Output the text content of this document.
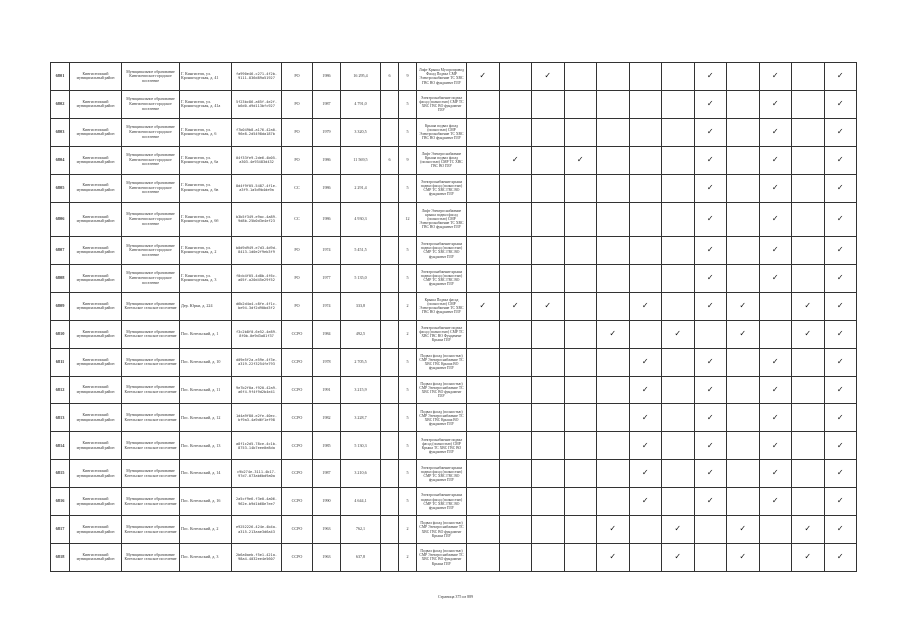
6801	Кингисеппский муниципальный район	Муниципальное образование Кингисеппское городское поселение	Г. Кингисепп, ул. Кронштадтская, д. 41	fa990e46-c271-4f2b-9111-836d89a51927	PO	1986	16 295,4	6	9	Лифт Крыша Мусоропровод Фасад Подвал СМР Электроснабжение ТС ХВС ГВС ВО фундамент ПЗУ	✓		✓					✓		✓		✓
6802	Кингисеппский муниципальный район	Муниципальное образование Кингисеппское городское поселение	Г. Кингисепп, ул. Кронштадтская, д. 41а	5f23bc86-a65f-4e2f-b6d0-d9d113bfc927	PO	1987	4 791,0		5	Электроснабжение подвал фасад (полностью) СМР ТС ХВС ГВС ВО фундамент ПЗУ								✓		✓		✓
6803	Кингисеппский муниципальный район	Муниципальное образование Кингисеппское городское поселение	Г. Кингисепп, ул. Кронштадтская, д. 6	f7b049b8-a176-42a0-96e8-2d5498da187b	PO	1979	3 320,5		5	Крыша подвал фасад (полностью) СМР Электроснабжение ТС ХВС ГВС ВО фундамент ПЗУ								✓		✓		✓
6804	Кингисеппский муниципальный район	Муниципальное образование Кингисеппское городское поселение	Г. Кингисепп, ул. Кронштадтская, д. 6а	04f33fe9-2de6-4b05-a303-4e93483d432	PO	1986	11 569,5	6	9	Лифт Электроснабжение Крыша подвал фасад (полностью) СМР ТС ХВС ГВС ВО ПЗУ		✓		✓				✓		✓		✓
6805	Кингисеппский муниципальный район	Муниципальное образование Кингисеппское городское поселение	Г. Кингисепп, ул. Кронштадтская, д. 6в	8d4f9f05-5487-4f1e-a3f9-1a5d9b4de9a	СС	1986	2 291,4		5	Электроснабжение крыша подвал фасад (полностью) СМР ТС ХВС ГВС ВО фундамент ПЗУ								✓		✓		✓
6806	Кингисеппский муниципальный район	Муниципальное образование Кингисеппское городское поселение	Г. Кингисепп, ул. Кронштадтская, д. 6б	b3b5f349-e9ac-4a89-9d8b-25b0d3e4ef23	СС	1986	4 930,3		12	Лифт Электроснабжение крыша подвал фасад (полностью) СМР Электроснабжение ТС ХВС ГВС ВО фундамент ПЗУ								✓		✓		✓
6807	Кингисеппский муниципальный район	Муниципальное образование Кингисеппское городское поселение	Г. Кингисепп, ул. Кронштадтская, д. 2	b0d9d949-e7d3-4d9d-8413-1d0e2f9eb3f9	PO	1974	5 451,5		5	Электроснабжение крыша подвал фасад (полностью) СМР ТС ХВС ГВС ВО фундамент ПЗУ								✓		✓		✓
6808	Кингисеппский муниципальный район	Муниципальное образование Кингисеппское городское поселение	Г. Кингисепп, ул. Кронштадтская, д. 3	f0cb4f05-4d8b-4f6c-a05f-a20d45e29f52	PO	1977	5 135,0		5	Электроснабжение крыша подвал фасад (полностью) СМР ТС ХВС ГВС ВО фундамент ПЗУ								✓		✓		✓
6809	Кингисеппский муниципальный район	Муниципальное образование Котельское сельское поселение	Дер. Юрки, д. 224	d6b2d4a4-c8fe-4f1c-be94-3df2d90bd3f2	PO	1974	333,8		2	Крыша Подвал фасад (полностью) СМР Электроснабжение ТС ХВС ГВС ВО фундамент ПЗУ	✓	✓	✓			✓		✓	✓		✓	✓
6810	Кингисеппский муниципальный район	Муниципальное образование Котельское сельское поселение	Пос. Котельский, д. 1	f3c2b8f0-6e52-4e89-8f0b-0e9d3a81f37	ССРО	1984	492,5		2	Электроснабжение подвал фасад (полностью) СМР ТС ХВС ГВС ВО Фундамент Крыша ПЗУ					✓		✓		✓		✓	✓
6811	Кингисеппский муниципальный район	Муниципальное образование Котельское сельское поселение	Пос. Котельский, д. 10	d09e5f2a-e59e-4f3e-a319-22f3254fe793	ССРО	1978	2 705,5		5	Подвал фасад (полностью) СМР Электроснабжение ТС ХВС ГВС Крыша ВО фундамент ПЗУ						✓		✓		✓		✓
6812	Кингисеппский муниципальный район	Муниципальное образование Котельское сельское поселение	Пос. Котельский, д. 11	9e7b2f0a-f920-42a9-a6f4-9f4f9d2b4e41	ССРО	1991	3 215,9		5	Подвал фасад (полностью) СМР Электроснабжение ТС ХВС ГВС ВО фундамент ПЗУ						✓		✓		✓		✓
6813	Кингисеппский муниципальный район	Муниципальное образование Котельское сельское поселение	Пос. Котельский, д. 12	1d4a9f80-e2fe-40ec-bf9a3-4a9d6f1ef98	ССРО	1982	3 228,7		5	Подвал фасад (полностью) СМР Электроснабжение ТС ХВС ГВС Крыша ВО фундамент ПЗУ						✓		✓		✓		✓
6814	Кингисеппский муниципальный район	Муниципальное образование Котельское сельское поселение	Пос. Котельский, д. 13	a8f1c2d5-78ce-4c1b-8753-14b7eee0e8da	ССРО	1985	5 130,3		5	Электроснабжение подвал фасад (полностью) СМР Крыша ТС ХВС ГВС ВО фундамент ПЗУ						✓		✓		✓		✓
6815	Кингисеппский муниципальный район	Муниципальное образование Котельское сельское поселение	Пос. Котельский, д. 14	c9b274e-3111-4b17-97d7-073ab6bd9a0a	ССРО	1987	3 210,6		5	Электроснабжение крыша подвал фасад (полностью) СМР ТС ХВС ГВС ВО фундамент ПЗУ						✓		✓		✓		✓
6816	Кингисеппский муниципальный район	Муниципальное образование Котельское сельское поселение	Пос. Котельский, д. 16	2a5cf9e6-f3e0-4a06-962e-b9d1b68e7ee7	ССРО	1990	4 644,1		5	Электроснабжение крыша подвал фасад (полностью) СМР ТС ХВС ГВС ВО фундамент ПЗУ						✓		✓		✓		✓
6817	Кингисеппский муниципальный район	Муниципальное образование Котельское сельское поселение	Пос. Котельский, д. 2	e9252226-424e-4b4a-a315-213aae3d6a43	ССРО	1963	762,1		2	Подвал фасад (полностью) СМР Электроснабжение ТС ХВС ГВС ВО фундамент Крыша ПЗУ					✓		✓		✓		✓	✓
6818	Кингисеппский муниципальный район	Муниципальное образование Котельское сельское поселение	Пос. Котельский, д. 3	2b6a0aeb-f5e1-421a-98a4-4032ee4e5607	ССРО	1963	637,8		2	Подвал фасад (полностью) СМР Электроснабжение ТС ХВС ГВС ВО фундамент Крыша ПЗУ					✓		✓		✓		✓	✓
Страница 375 из 889
